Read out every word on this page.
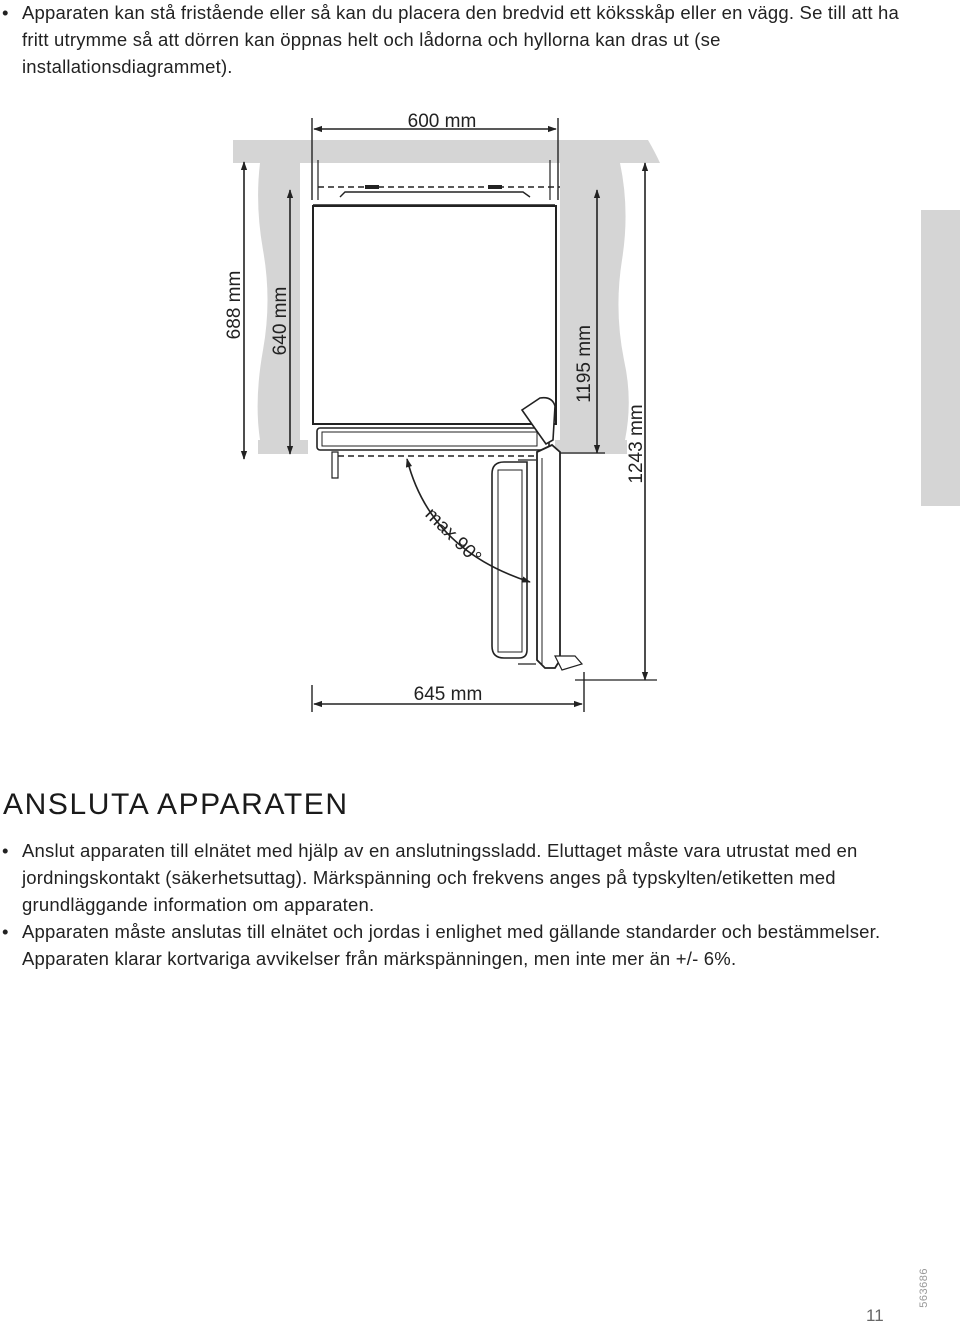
• Apparaten kan stå fristående eller så kan du placera den bredvid ett köksskåp eller en vägg. Se till att ha fritt utrymme så att dörren kan öppnas helt och lådorna och hyllorna kan dras ut (se installationsdiagrammet).
600 mm
688 mm 640 mm
1195 mm
1243 mm
max 90°
645 mm
ANSLUTA APPARATEN
• Anslut apparaten till elnätet med hjälp av en anslutningssladd. Eluttaget måste vara utrustat med en jordningskontakt (säkerhetsuttag). Märkspänning och frekvens anges på typskylten/etiketten med grundläggande information om apparaten.
• Apparaten måste anslutas till elnätet och jordas i enlighet med gällande standarder och bestämmelser. Apparaten klarar kortvariga avvikelser från märkspänningen, men inte mer än +/- 6%.
563686
11
